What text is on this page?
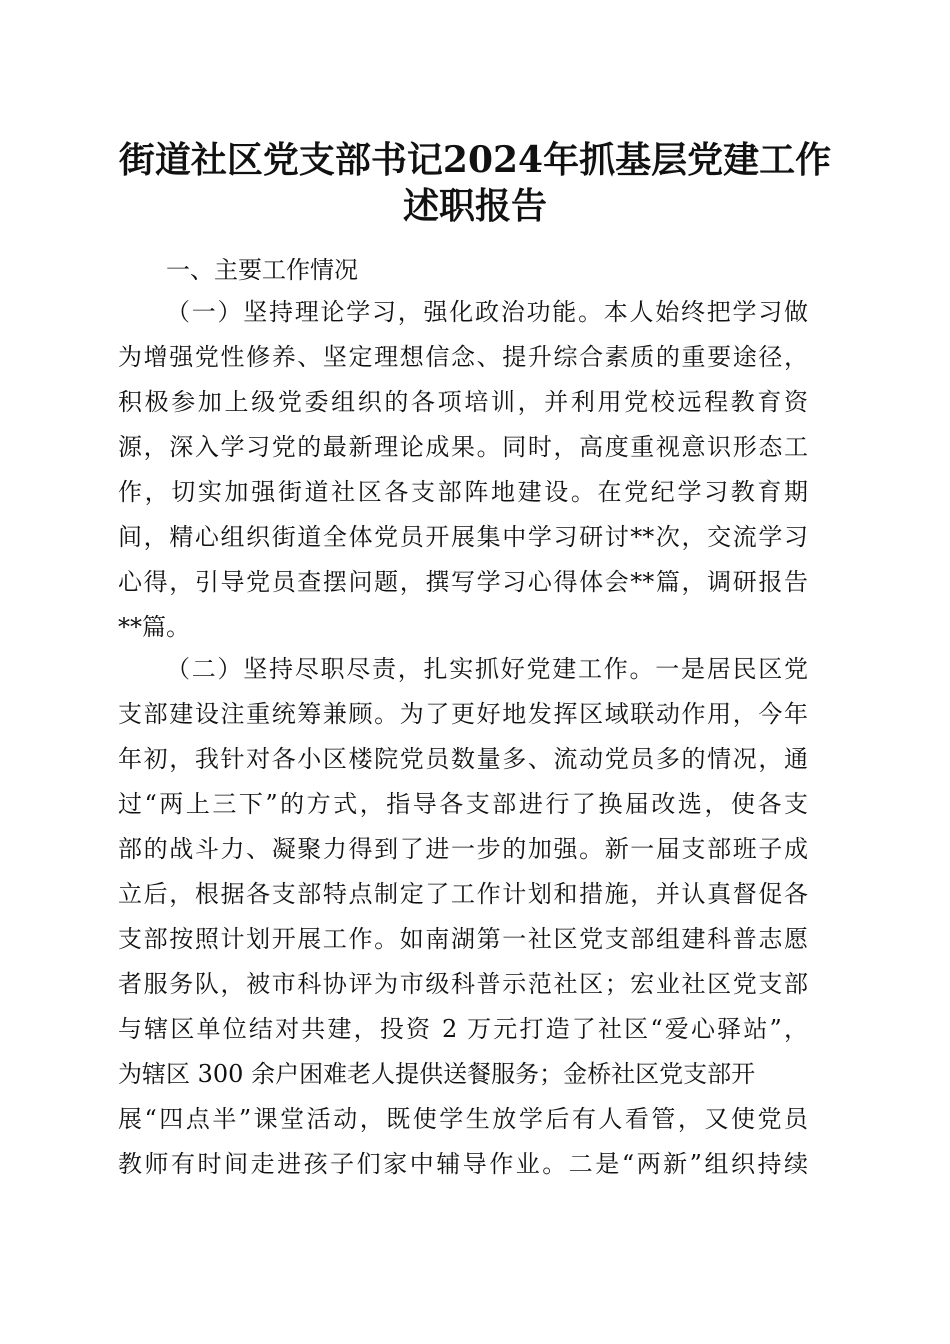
街道社区党支部书记2024年抓基层党建工作
述职报告
一、主要工作情况
（一）坚持理论学习，强化政治功能。本人始终把学习做
为增强党性修养、坚定理想信念、提升综合素质的重要途径，
积极参加上级党委组织的各项培训，并利用党校远程教育资
源，深入学习党的最新理论成果。同时，高度重视意识形态工
作，切实加强街道社区各支部阵地建设。在党纪学习教育期
间，精心组织街道全体党员开展集中学习研讨**次，交流学习
心得，引导党员查摆问题，撰写学习心得体会**篇，调研报告
**篇。
（二）坚持尽职尽责，扎实抓好党建工作。一是居民区党
支部建设注重统筹兼顾。为了更好地发挥区域联动作用，今年
年初，我针对各小区楼院党员数量多、流动党员多的情况，通
过“两上三下”的方式，指导各支部进行了换届改选，使各支
部的战斗力、凝聚力得到了进一步的加强。新一届支部班子成
立后，根据各支部特点制定了工作计划和措施，并认真督促各
支部按照计划开展工作。如南湖第一社区党支部组建科普志愿
者服务队，被市科协评为市级科普示范社区；宏业社区党支部
与辖区单位结对共建，投资 2 万元打造了社区“爱心驿站”，
为辖区 300 余户困难老人提供送餐服务；金桥社区党支部开
展“四点半”课堂活动，既使学生放学后有人看管，又使党员
教师有时间走进孩子们家中辅导作业。二是“两新”组织持续
